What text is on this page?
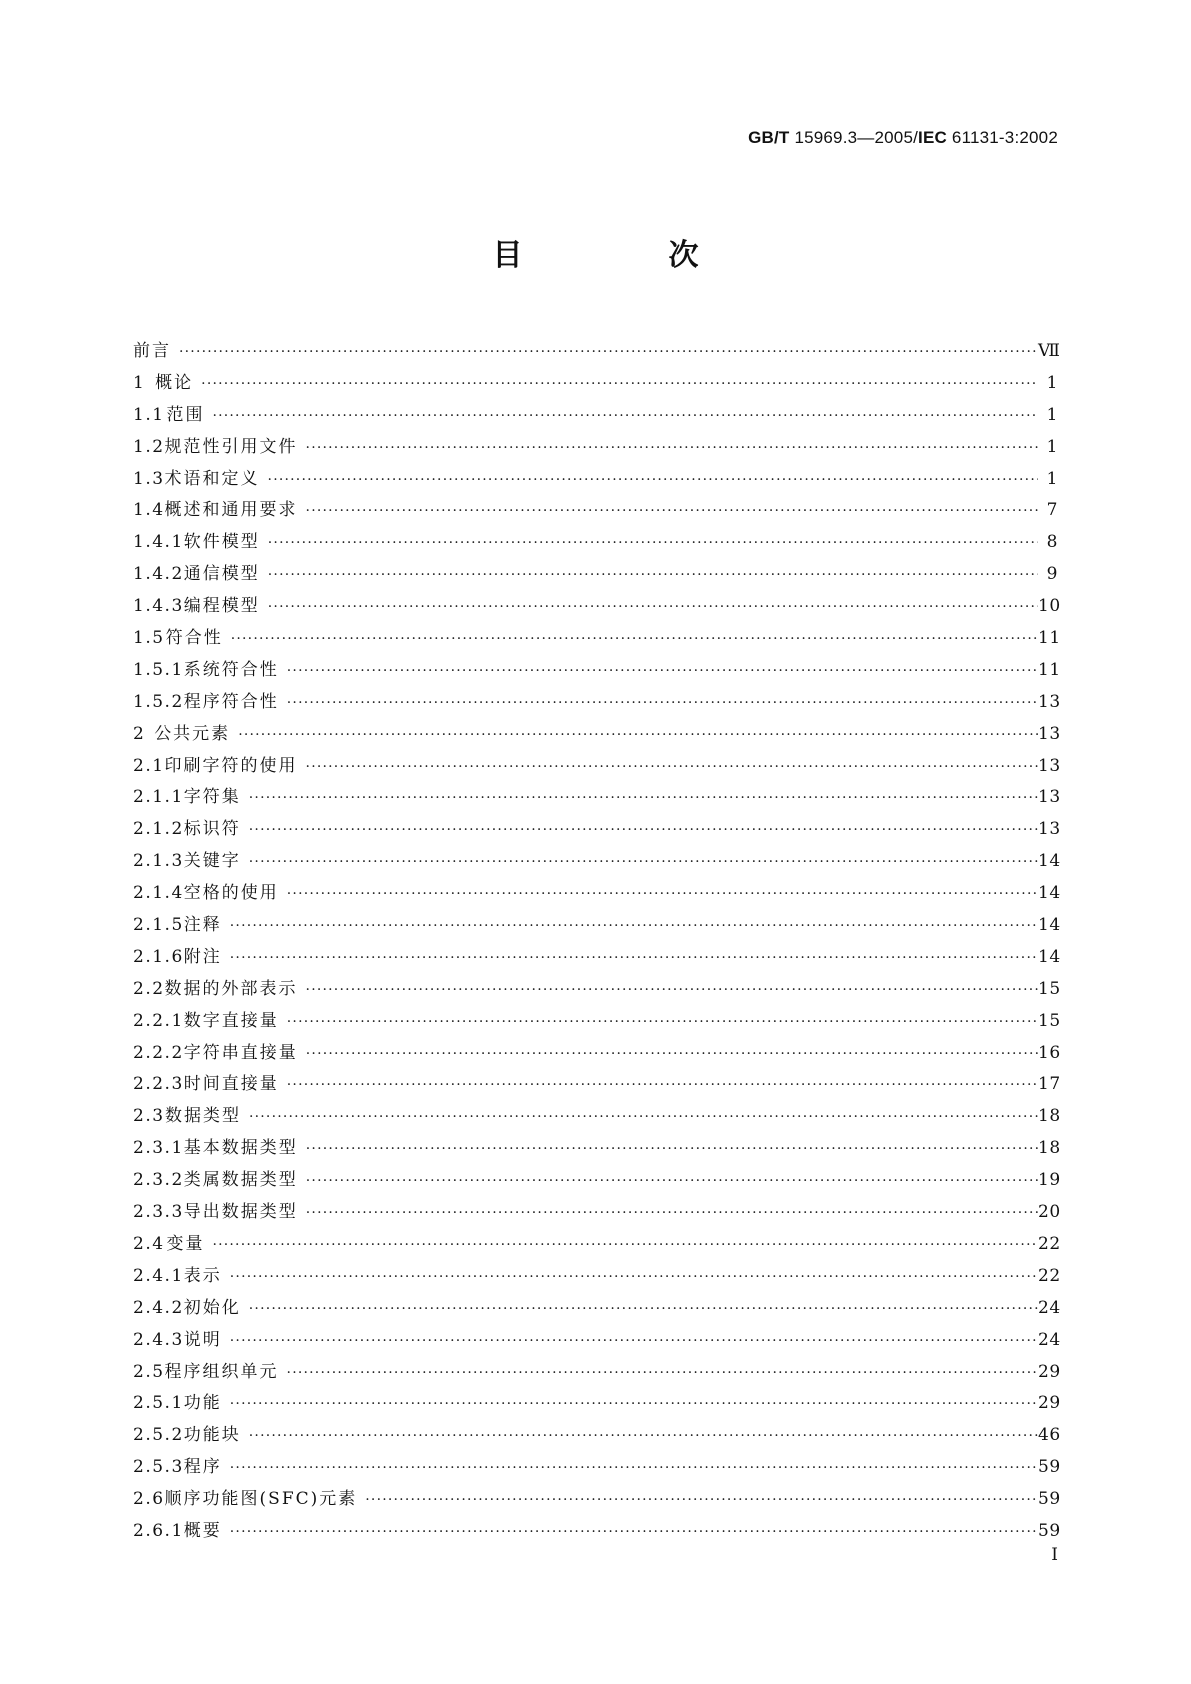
GB/T 15969.3—2005/IEC 61131-3:2002
目　次
前言 ·····	Ⅶ
1 概论 ·····	1
1.1 范围 ·····	1
1.2 规范性引用文件 ·····	1
1.3 术语和定义 ·····	1
1.4 概述和通用要求 ·····	7
1.4.1 软件模型 ·····	8
1.4.2 通信模型 ·····	9
1.4.3 编程模型 ·····	10
1.5 符合性 ·····	11
1.5.1 系统符合性 ·····	11
1.5.2 程序符合性 ·····	13
2 公共元素 ·····	13
2.1 印刷字符的使用 ·····	13
2.1.1 字符集 ·····	13
2.1.2 标识符 ·····	13
2.1.3 关键字 ·····	14
2.1.4 空格的使用 ·····	14
2.1.5 注释 ·····	14
2.1.6 附注 ·····	14
2.2 数据的外部表示 ·····	15
2.2.1 数字直接量 ·····	15
2.2.2 字符串直接量 ·····	16
2.2.3 时间直接量 ·····	17
2.3 数据类型 ·····	18
2.3.1 基本数据类型 ·····	18
2.3.2 类属数据类型 ·····	19
2.3.3 导出数据类型 ·····	20
2.4 变量 ·····	22
2.4.1 表示 ·····	22
2.4.2 初始化 ·····	24
2.4.3 说明 ·····	24
2.5 程序组织单元 ·····	29
2.5.1 功能 ·····	29
2.5.2 功能块 ·····	46
2.5.3 程序 ·····	59
2.6 顺序功能图(SFC)元素 ·····	59
2.6.1 概要 ·····	59
I
